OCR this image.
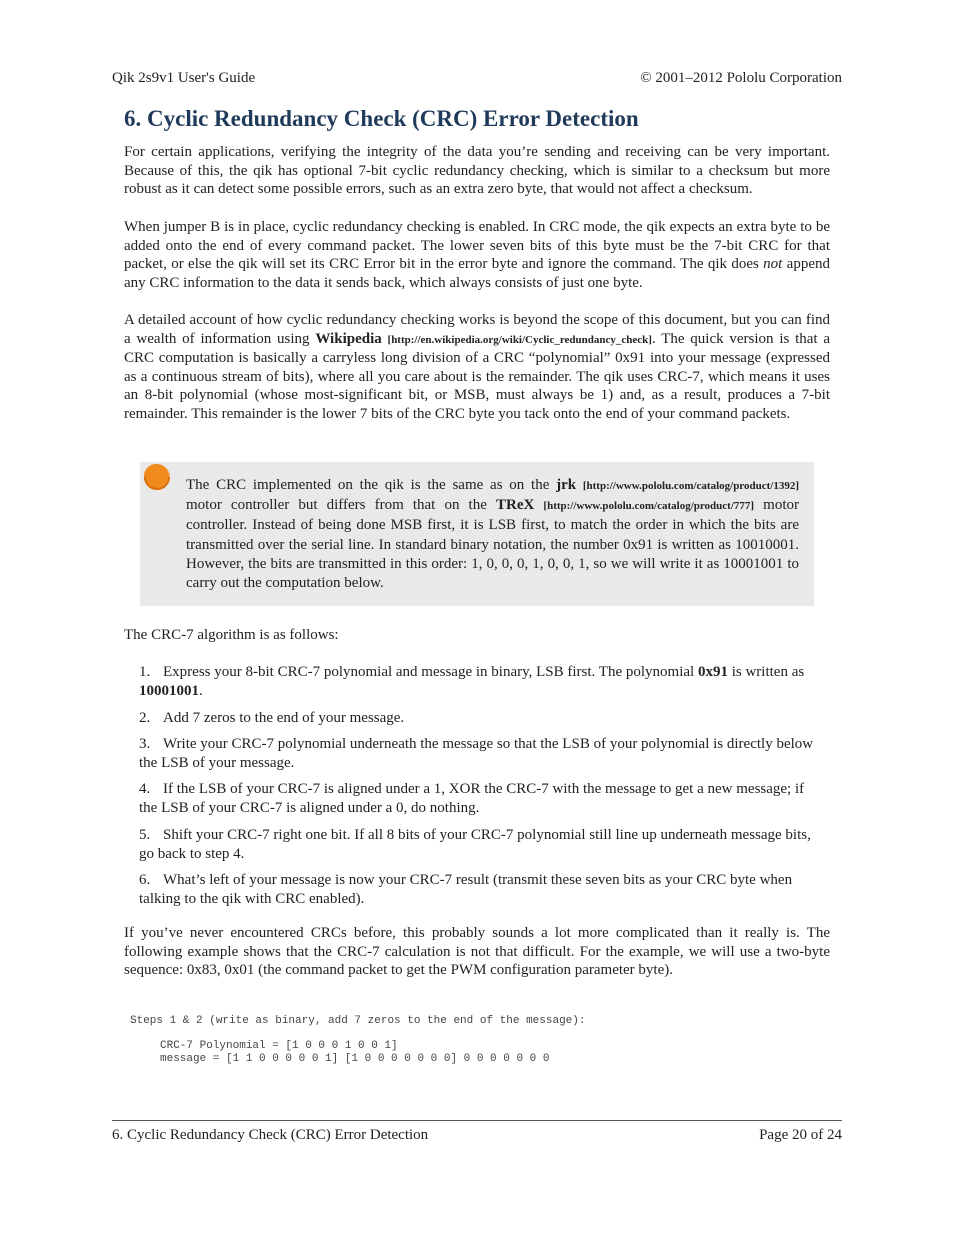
Qik 2s9v1 User's Guide	© 2001–2012 Pololu Corporation
6. Cyclic Redundancy Check (CRC) Error Detection

For certain applications, verifying the integrity of the data you’re sending and receiving can be very important. Because of this, the qik has optional 7-bit cyclic redundancy checking, which is similar to a checksum but more robust as it can detect some possible errors, such as an extra zero byte, that would not affect a checksum.

When jumper B is in place, cyclic redundancy checking is enabled. In CRC mode, the qik expects an extra byte to be added onto the end of every command packet. The lower seven bits of this byte must be the 7-bit CRC for that packet, or else the qik will set its CRC Error bit in the error byte and ignore the command. The qik does not append any CRC information to the data it sends back, which always consists of just one byte.

A detailed account of how cyclic redundancy checking works is beyond the scope of this document, but you can find a wealth of information using Wikipedia [http://en.wikipedia.org/wiki/Cyclic_redundancy_check]. The quick version is that a CRC computation is basically a carryless long division of a CRC “polynomial” 0x91 into your message (expressed as a continuous stream of bits), where all you care about is the remainder. The qik uses CRC-7, which means it uses an 8-bit polynomial (whose most-significant bit, or MSB, must always be 1) and, as a result, produces a 7-bit remainder. This remainder is the lower 7 bits of the CRC byte you tack onto the end of your command packets.

The CRC implemented on the qik is the same as on the jrk [http://www.pololu.com/catalog/product/1392] motor controller but differs from that on the TReX [http://www.pololu.com/catalog/product/777] motor controller. Instead of being done MSB first, it is LSB first, to match the order in which the bits are transmitted over the serial line. In standard binary notation, the number 0x91 is written as 10010001. However, the bits are transmitted in this order: 1, 0, 0, 0, 1, 0, 0, 1, so we will write it as 10001001 to carry out the computation below.

The CRC-7 algorithm is as follows:

1. Express your 8-bit CRC-7 polynomial and message in binary, LSB first. The polynomial 0x91 is written as 10001001.

2. Add 7 zeros to the end of your message.

3. Write your CRC-7 polynomial underneath the message so that the LSB of your polynomial is directly below the LSB of your message.

4. If the LSB of your CRC-7 is aligned under a 1, XOR the CRC-7 with the message to get a new message; if the LSB of your CRC-7 is aligned under a 0, do nothing.

5. Shift your CRC-7 right one bit. If all 8 bits of your CRC-7 polynomial still line up underneath message bits, go back to step 4.

6. What’s left of your message is now your CRC-7 result (transmit these seven bits as your CRC byte when talking to the qik with CRC enabled).

If you’ve never encountered CRCs before, this probably sounds a lot more complicated than it really is. The following example shows that the CRC-7 calculation is not that difficult. For the example, we will use a two-byte sequence: 0x83, 0x01 (the command packet to get the PWM configuration parameter byte).

Steps 1 & 2 (write as binary, add 7 zeros to the end of the message):
CRC-7 Polynomial = [1 0 0 0 1 0 0 1]
message = [1 1 0 0 0 0 0 1] [1 0 0 0 0 0 0 0] 0 0 0 0 0 0 0
6. Cyclic Redundancy Check (CRC) Error Detection	Page 20 of 24
